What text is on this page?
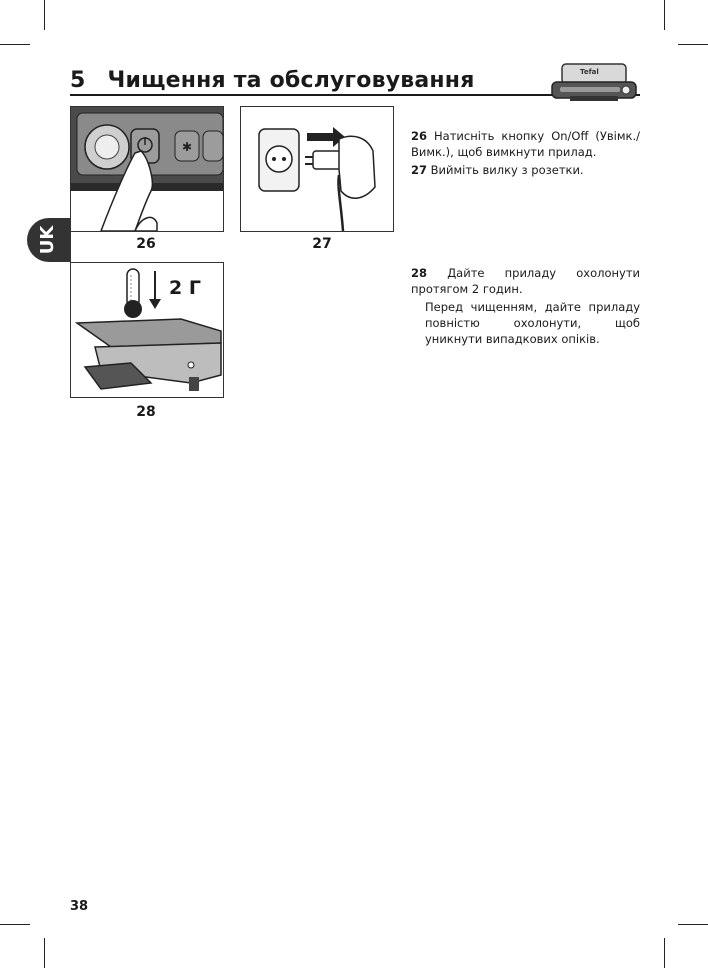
5 Чищення та обслуговування	Tefal
UK
✱
26	27
2 Г
28

26 Натисніть кнопку On/Off (Увімк./ Вимк.), щоб вимкнути прилад.

27 Вийміть вилку з розетки.

28 Дайте приладу охолонути протягом 2 годин.

Перед чищенням, дайте приладу повністю охолонути, щоб уникнути випадкових опіків.

38
